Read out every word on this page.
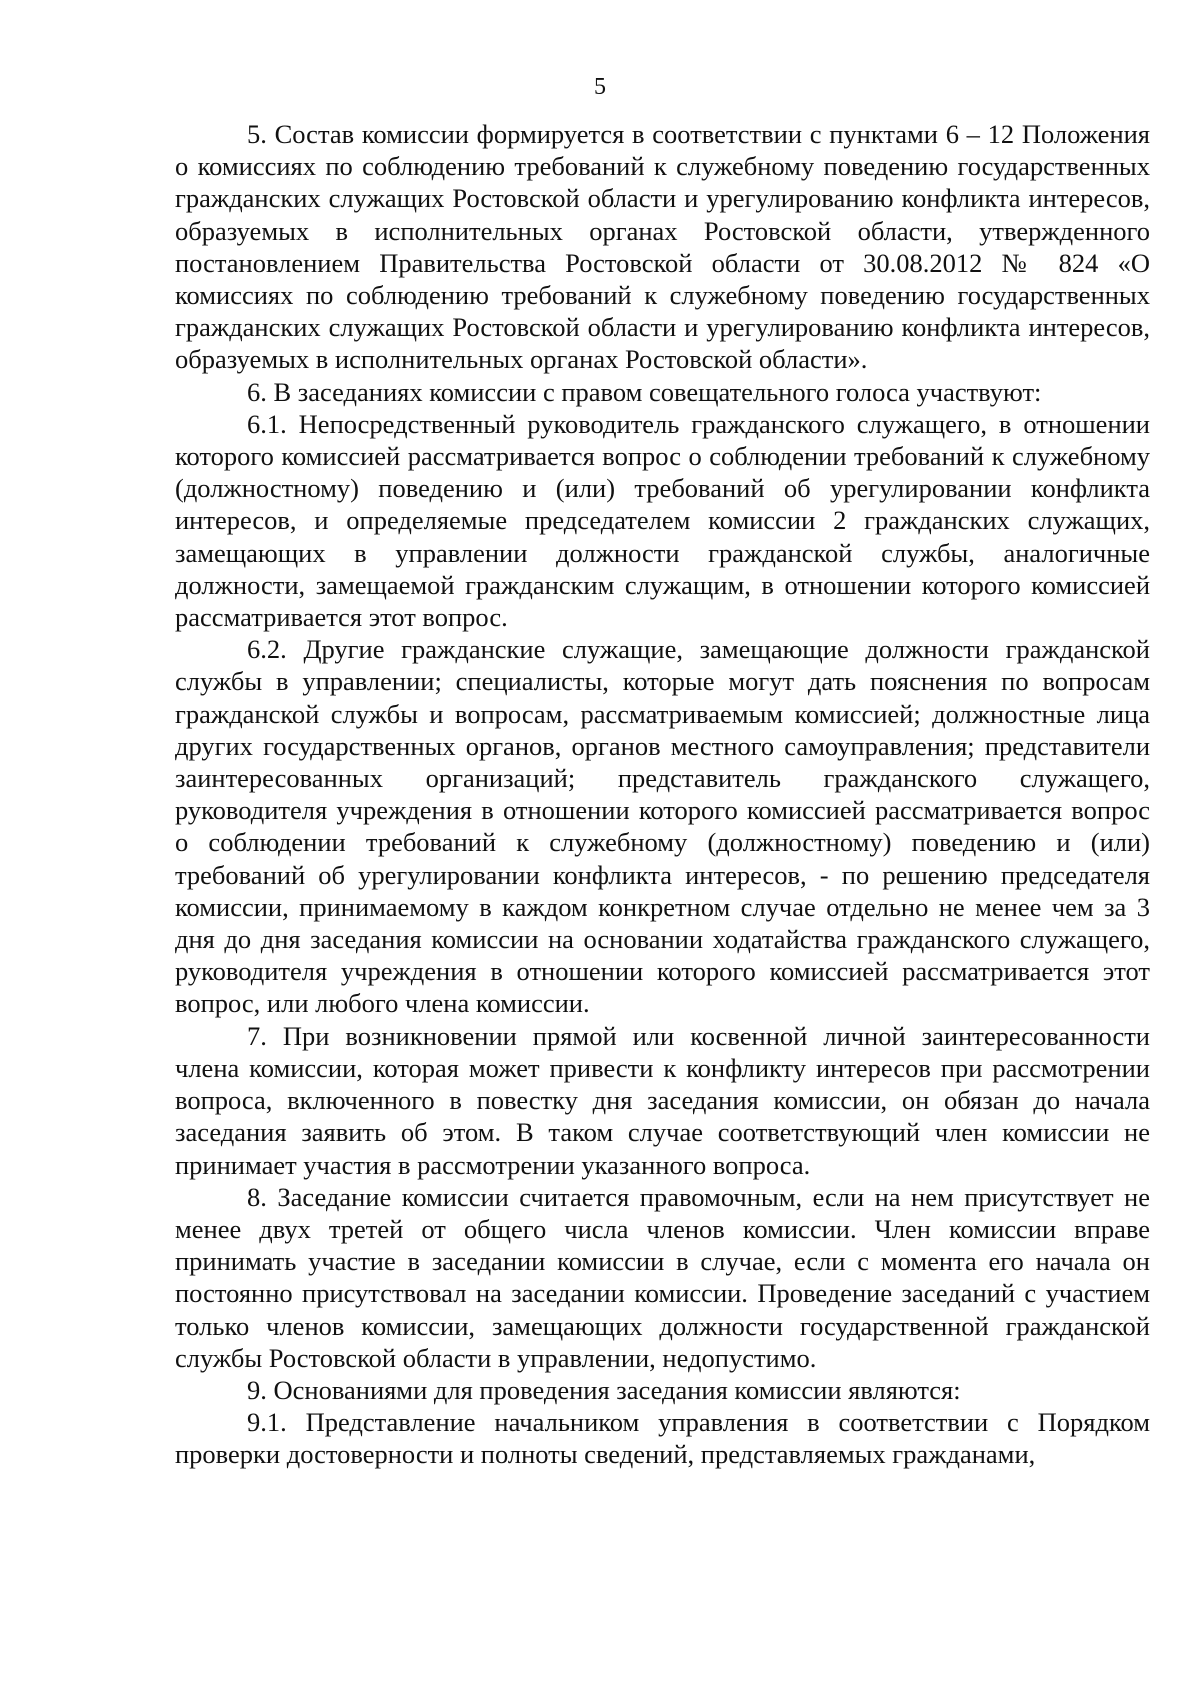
5

5. Состав комиссии формируется в соответствии с пунктами 6 – 12 Положения о комиссиях по соблюдению требований к служебному поведению государственных гражданских служащих Ростовской области и урегулированию конфликта интересов, образуемых в исполнительных органах Ростовской области, утвержденного постановлением Правительства Ростовской области от 30.08.2012 № 824 «О комиссиях по соблюдению требований к служебному поведению государственных гражданских служащих Ростовской области и урегулированию конфликта интересов, образуемых в исполнительных органах Ростовской области».

6. В заседаниях комиссии с правом совещательного голоса участвуют:

6.1. Непосредственный руководитель гражданского служащего, в отношении которого комиссией рассматривается вопрос о соблюдении требований к служебному (должностному) поведению и (или) требований об урегулировании конфликта интересов, и определяемые председателем комиссии 2 гражданских служащих, замещающих в управлении должности гражданской службы, аналогичные должности, замещаемой гражданским служащим, в отношении которого комиссией рассматривается этот вопрос.

6.2. Другие гражданские служащие, замещающие должности гражданской службы в управлении; специалисты, которые могут дать пояснения по вопросам гражданской службы и вопросам, рассматриваемым комиссией; должностные лица других государственных органов, органов местного самоуправления; представители заинтересованных организаций; представитель гражданского служащего, руководителя учреждения в отношении которого комиссией рассматривается вопрос о соблюдении требований к служебному (должностному) поведению и (или) требований об урегулировании конфликта интересов, - по решению председателя комиссии, принимаемому в каждом конкретном случае отдельно не менее чем за 3 дня до дня заседания комиссии на основании ходатайства гражданского служащего, руководителя учреждения в отношении которого комиссией рассматривается этот вопрос, или любого члена комиссии.

7. При возникновении прямой или косвенной личной заинтересованности члена комиссии, которая может привести к конфликту интересов при рассмотрении вопроса, включенного в повестку дня заседания комиссии, он обязан до начала заседания заявить об этом. В таком случае соответствующий член комиссии не принимает участия в рассмотрении указанного вопроса.

8. Заседание комиссии считается правомочным, если на нем присутствует не менее двух третей от общего числа членов комиссии. Член комиссии вправе принимать участие в заседании комиссии в случае, если с момента его начала он постоянно присутствовал на заседании комиссии. Проведение заседаний с участием только членов комиссии, замещающих должности государственной гражданской службы Ростовской области в управлении, недопустимо.

9. Основаниями для проведения заседания комиссии являются:

9.1. Представление начальником управления в соответствии с Порядком проверки достоверности и полноты сведений, представляемых гражданами,
